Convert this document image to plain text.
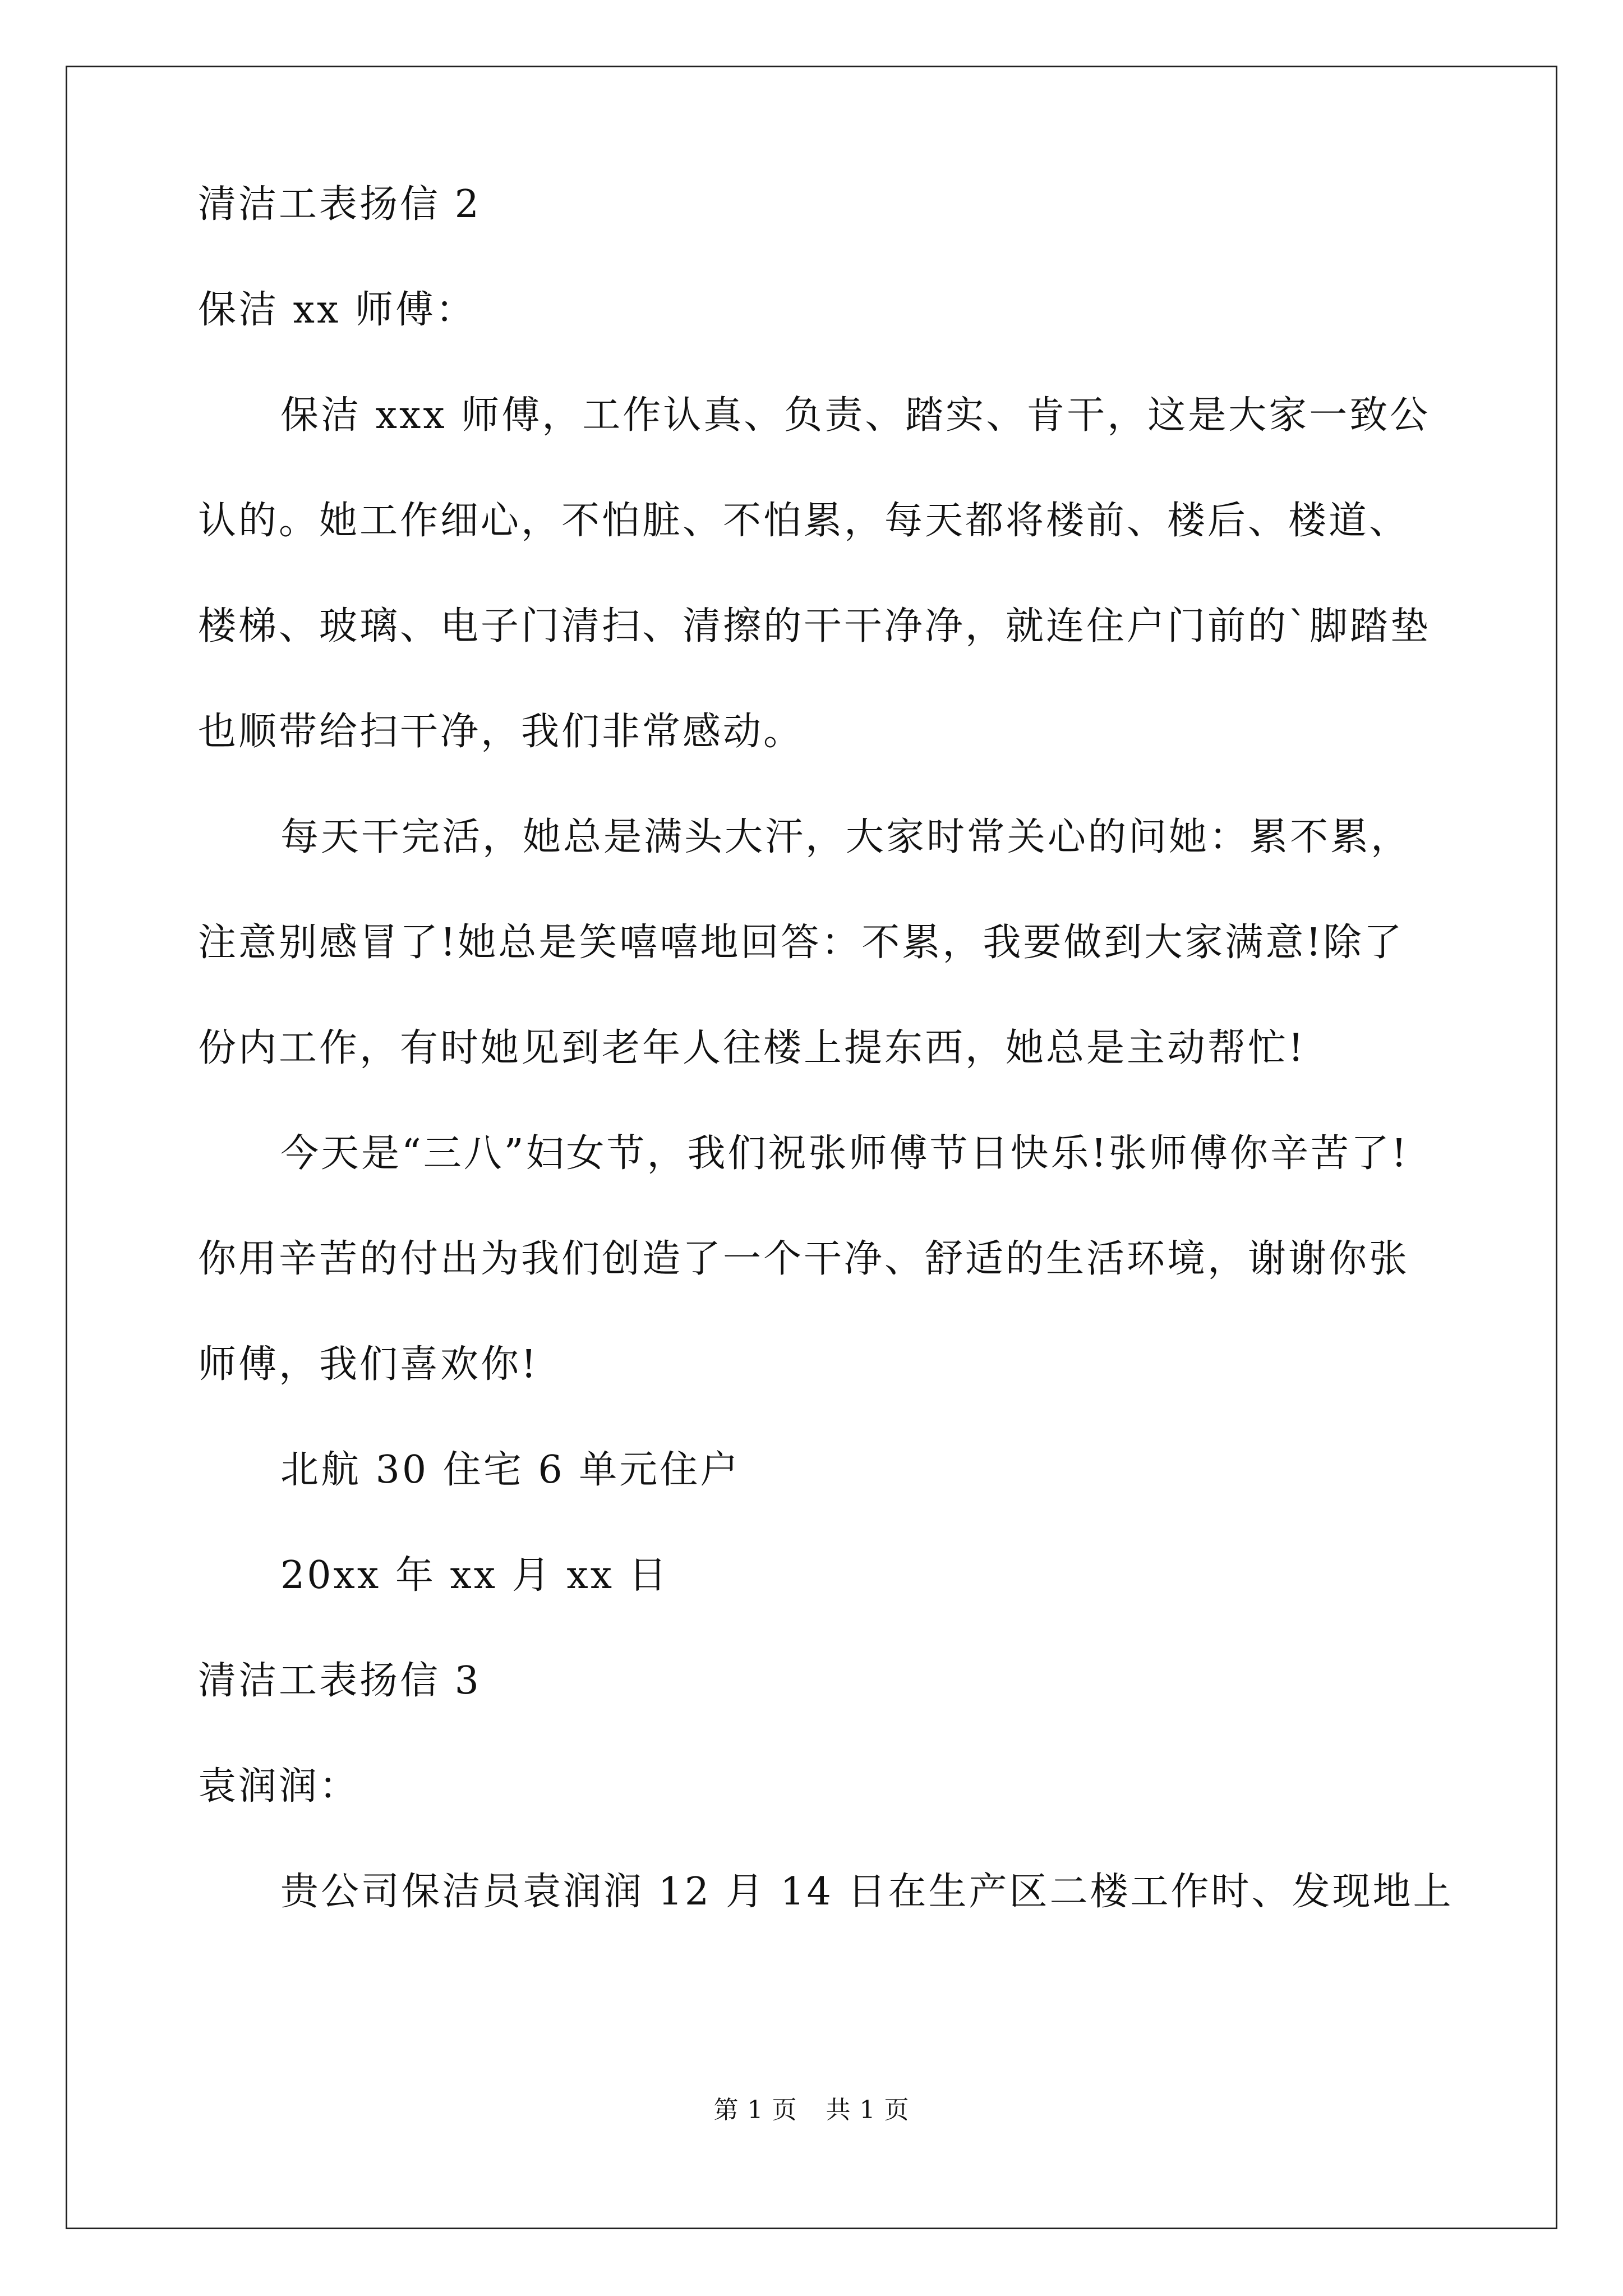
清洁工表扬信 2
保洁 xx 师傅：
保洁 xxx 师傅，工作认真、负责、踏实、肯干，这是大家一致公
认的。她工作细心，不怕脏、不怕累，每天都将楼前、楼后、楼道、
楼梯、玻璃、电子门清扫、清擦的干干净净，就连住户门前的`脚踏垫
也顺带给扫干净，我们非常感动。
每天干完活，她总是满头大汗，大家时常关心的问她：累不累，
注意别感冒了!她总是笑嘻嘻地回答：不累，我要做到大家满意!除了
份内工作，有时她见到老年人往楼上提东西，她总是主动帮忙!
今天是“三八”妇女节，我们祝张师傅节日快乐!张师傅你辛苦了!
你用辛苦的付出为我们创造了一个干净、舒适的生活环境，谢谢你张
师傅，我们喜欢你!
北航 30 住宅 6 单元住户
20xx 年 xx 月 xx 日
清洁工表扬信 3
袁润润：
贵公司保洁员袁润润 12 月 14 日在生产区二楼工作时、发现地上
第 1 页 共 1 页
